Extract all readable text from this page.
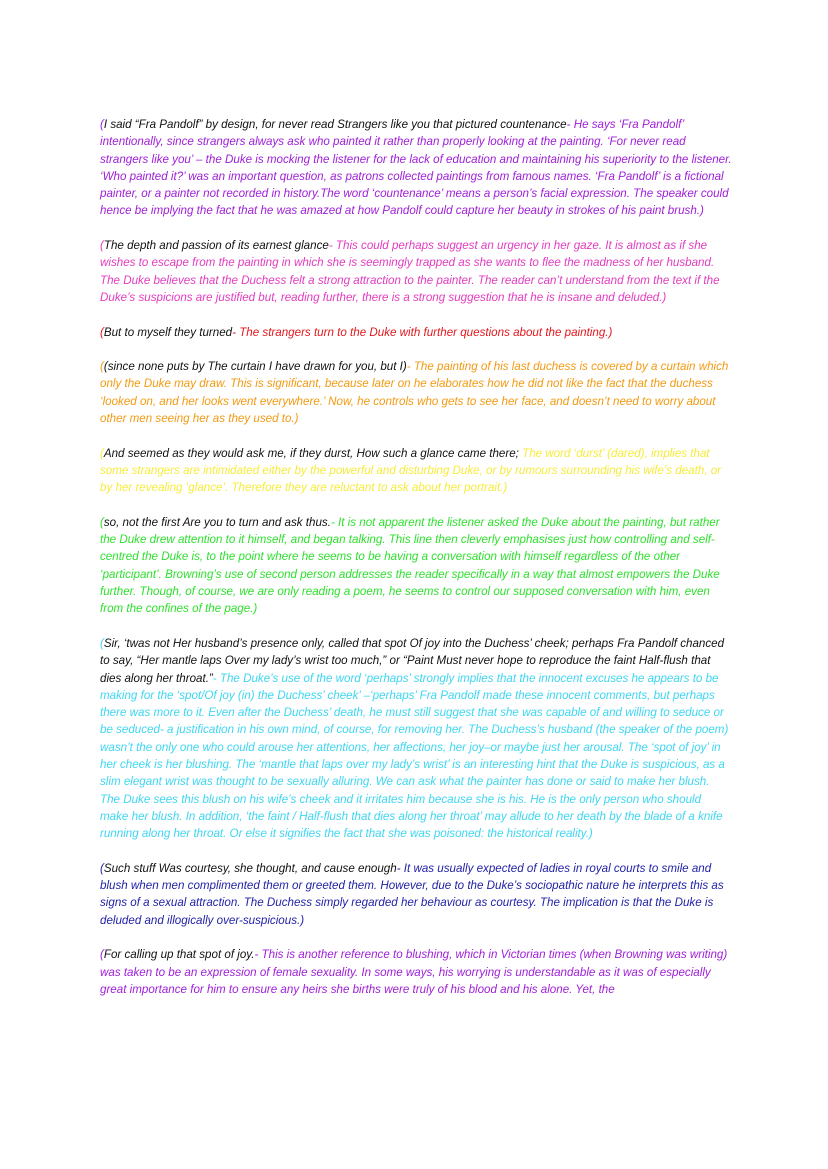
(I said “Fra Pandolf” by design, for never read Strangers like you that pictured countenance- He says ‘Fra Pandolf’ intentionally, since strangers always ask who painted it rather than properly looking at the painting. ‘For never read strangers like you’ – the Duke is mocking the listener for the lack of education and maintaining his superiority to the listener. ‘Who painted it?’ was an important question, as patrons collected paintings from famous names. ‘Fra Pandolf’ is a fictional painter, or a painter not recorded in history.The word ‘countenance’ means a person’s facial expression. The speaker could hence be implying the fact that he was amazed at how Pandolf could capture her beauty in strokes of his paint brush.)

(The depth and passion of its earnest glance- This could perhaps suggest an urgency in her gaze. It is almost as if she wishes to escape from the painting in which she is seemingly trapped as she wants to flee the madness of her husband. The Duke believes that the Duchess felt a strong attraction to the painter. The reader can’t understand from the text if the Duke’s suspicions are justified but, reading further, there is a strong suggestion that he is insane and deluded.)

(But to myself they turned- The strangers turn to the Duke with further questions about the painting.)

((since none puts by The curtain I have drawn for you, but I)- The painting of his last duchess is covered by a curtain which only the Duke may draw. This is significant, because later on he elaborates how he did not like the fact that the duchess ‘looked on, and her looks went everywhere.’ Now, he controls who gets to see her face, and doesn’t need to worry about other men seeing her as they used to.)

(And seemed as they would ask me, if they durst, How such a glance came there; The word ‘durst’ (dared), implies that some strangers are intimidated either by the powerful and disturbing Duke, or by rumours surrounding his wife’s death, or by her revealing ‘glance’. Therefore they are reluctant to ask about her portrait.)

(so, not the first Are you to turn and ask thus.- It is not apparent the listener asked the Duke about the painting, but rather the Duke drew attention to it himself, and began talking. This line then cleverly emphasises just how controlling and self-centred the Duke is, to the point where he seems to be having a conversation with himself regardless of the other ‘participant’. Browning’s use of second person addresses the reader specifically in a way that almost empowers the Duke further. Though, of course, we are only reading a poem, he seems to control our supposed conversation with him, even from the confines of the page.)

(Sir, ‘twas not Her husband’s presence only, called that spot Of joy into the Duchess’ cheek; perhaps Fra Pandolf chanced to say, “Her mantle laps Over my lady’s wrist too much,” or “Paint Must never hope to reproduce the faint Half-flush that dies along her throat.”- The Duke’s use of the word ‘perhaps’ strongly implies that the innocent excuses he appears to be making for the ‘spot/Of joy (in) the Duchess’ cheek’ –‘perhaps’ Fra Pandolf made these innocent comments, but perhaps there was more to it. Even after the Duchess’ death, he must still suggest that she was capable of and willing to seduce or be seduced- a justification in his own mind, of course, for removing her. The Duchess’s husband (the speaker of the poem) wasn’t the only one who could arouse her attentions, her affections, her joy–or maybe just her arousal. The ‘spot of joy’ in her cheek is her blushing. The ‘mantle that laps over my lady’s wrist’ is an interesting hint that the Duke is suspicious, as a slim elegant wrist was thought to be sexually alluring. We can ask what the painter has done or said to make her blush. The Duke sees this blush on his wife’s cheek and it irritates him because she is his. He is the only person who should make her blush. In addition, ‘the faint / Half-flush that dies along her throat’ may allude to her death by the blade of a knife running along her throat. Or else it signifies the fact that she was poisoned: the historical reality.)

(Such stuff Was courtesy, she thought, and cause enough- It was usually expected of ladies in royal courts to smile and blush when men complimented them or greeted them. However, due to the Duke’s sociopathic nature he interprets this as signs of a sexual attraction. The Duchess simply regarded her behaviour as courtesy. The implication is that the Duke is deluded and illogically over-suspicious.)

(For calling up that spot of joy.- This is another reference to blushing, which in Victorian times (when Browning was writing) was taken to be an expression of female sexuality. In some ways, his worrying is understandable as it was of especially great importance for him to ensure any heirs she births were truly of his blood and his alone. Yet, the
